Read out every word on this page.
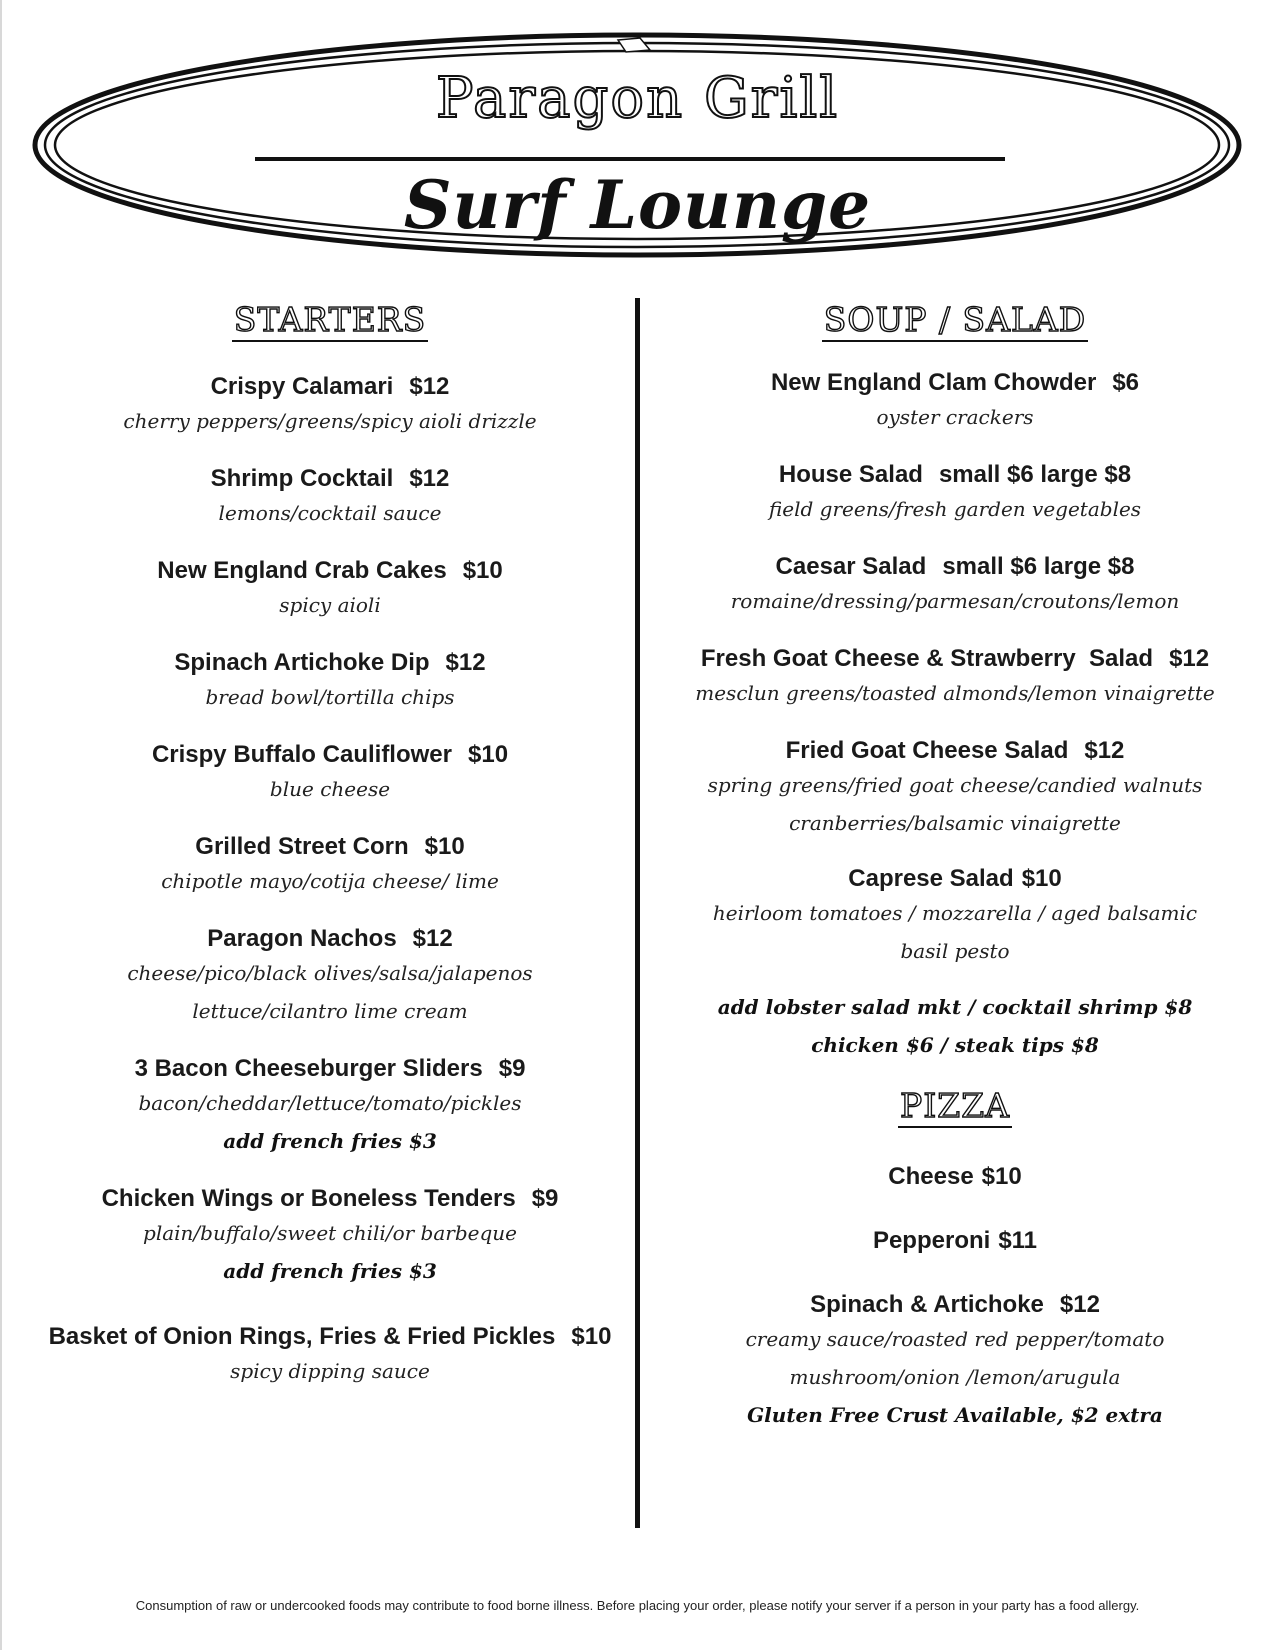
Paragon Grill
Surf Lounge
STARTERS
Crispy Calamari $12
cherry peppers/greens/spicy aioli drizzle
Shrimp Cocktail $12
lemons/cocktail sauce
New England Crab Cakes $10
spicy aioli
Spinach Artichoke Dip $12
bread bowl/tortilla chips
Crispy Buffalo Cauliflower $10
blue cheese
Grilled Street Corn $10
chipotle mayo/cotija cheese/ lime
Paragon Nachos $12
cheese/pico/black olives/salsa/jalapenos
lettuce/cilantro lime cream
3 Bacon Cheeseburger Sliders $9
bacon/cheddar/lettuce/tomato/pickles
add french fries $3
Chicken Wings or Boneless Tenders $9
plain/buffalo/sweet chili/or barbeque
add french fries $3
Basket of Onion Rings, Fries & Fried Pickles $10
spicy dipping sauce
SOUP / SALAD
New England Clam Chowder $6
oyster crackers
House Salad small $6 large $8
field greens/fresh garden vegetables
Caesar Salad small $6 large $8
romaine/dressing/parmesan/croutons/lemon
Fresh Goat Cheese & Strawberry  Salad $12
mesclun greens/toasted almonds/lemon vinaigrette
Fried Goat Cheese Salad $12
spring greens/fried goat cheese/candied walnuts
cranberries/balsamic vinaigrette
Caprese Salad $10
heirloom tomatoes / mozzarella / aged balsamic
basil pesto
add lobster salad mkt / cocktail shrimp $8
chicken $6 / steak tips $8
PIZZA
Cheese $10
Pepperoni $11
Spinach & Artichoke $12
creamy sauce/roasted red pepper/tomato
mushroom/onion /lemon/arugula
Gluten Free Crust Available, $2 extra
Consumption of raw or undercooked foods may contribute to food borne illness. Before placing your order, please notify your server if a person in your party has a food allergy.
